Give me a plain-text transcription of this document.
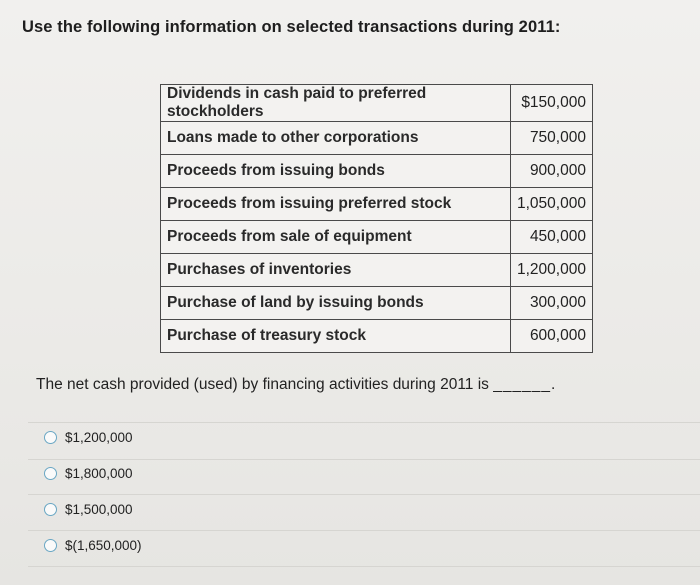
Use the following information on selected transactions during 2011:
Dividends in cash paid to preferred stockholders	$150,000
Loans made to other corporations	750,000
Proceeds from issuing bonds	900,000
Proceeds from issuing preferred stock	1,050,000
Proceeds from sale of equipment	450,000
Purchases of inventories	1,200,000
Purchase of land by issuing bonds	300,000
Purchase of treasury stock	600,000
The net cash provided (used) by financing activities during 2011 is ______.
$1,200,000
$1,800,000
$1,500,000
$(1,650,000)
